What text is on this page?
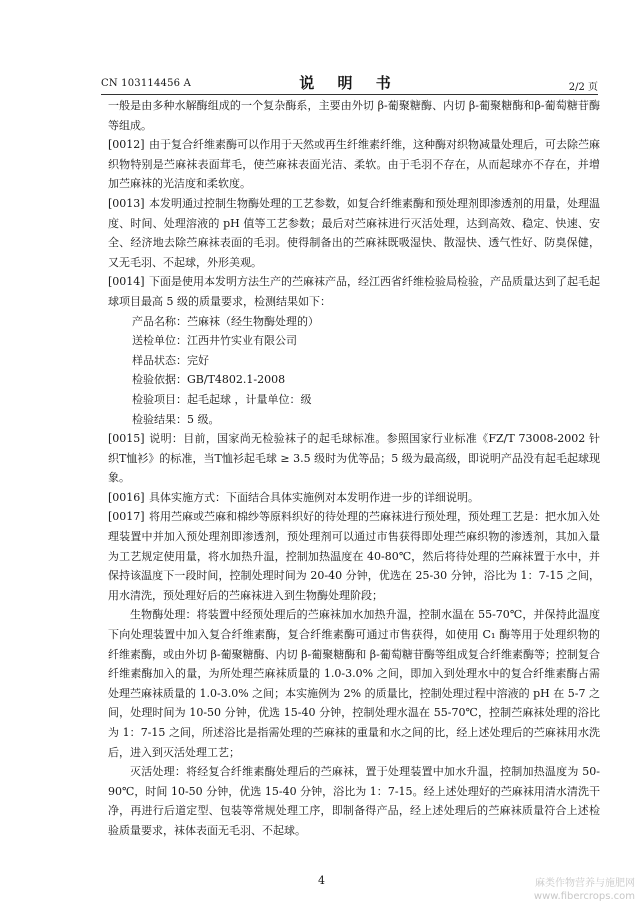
CN 103114456 A	说 明 书	2/2 页

一般是由多种水解酶组成的一个复杂酶系，主要由外切 β-葡聚糖酶、内切 β-葡聚糖酶和β-葡萄糖苷酶等组成。

[0012] 由于复合纤维素酶可以作用于天然或再生纤维素纤维，这种酶对织物减量处理后，可去除苎麻织物特别是苎麻袜表面茸毛，使苎麻袜表面光洁、柔软。由于毛羽不存在，从而起球亦不存在，并增加苎麻袜的光洁度和柔软度。

[0013] 本发明通过控制生物酶处理的工艺参数，如复合纤维素酶和预处理剂即渗透剂的用量，处理温度、时间、处理溶液的 pH 值等工艺参数；最后对苎麻袜进行灭活处理，达到高效、稳定、快速、安全、经济地去除苎麻袜表面的毛羽。使得制备出的苎麻袜既吸湿快、散湿快、透气性好、防臭保健，又无毛羽、不起球，外形美观。

[0014] 下面是使用本发明方法生产的苎麻袜产品，经江西省纤维检验局检验，产品质量达到了起毛起球项目最高 5 级的质量要求，检测结果如下：

产品名称：苎麻袜（经生物酶处理的）

送检单位：江西井竹实业有限公司

样品状态：完好

检验依据：GB/T4802.1-2008

检验项目：起毛起球 ，计量单位：级

检验结果：5 级。

[0015] 说明：目前，国家尚无检验袜子的起毛球标准。参照国家行业标准《FZ/T 73008-2002 针织T恤衫》的标准，当T恤衫起毛球 ≥ 3.5 级时为优等品；5 级为最高级，即说明产品没有起毛起球现象。

[0016] 具体实施方式：下面结合具体实施例对本发明作进一步的详细说明。

[0017] 将用苎麻或苎麻和棉纱等原料织好的待处理的苎麻袜进行预处理，预处理工艺是：把水加入处理装置中并加入预处理剂即渗透剂，预处理剂可以通过市售获得即处理苎麻织物的渗透剂，其加入量为工艺规定使用量，将水加热升温，控制加热温度在 40-80℃，然后将待处理的苎麻袜置于水中，并保持该温度下一段时间，控制处理时间为 20-40 分钟，优选在 25-30 分钟，浴比为 1：7-15 之间，用水清洗，预处理好后的苎麻袜进入到生物酶处理阶段；

生物酶处理：将装置中经预处理后的苎麻袜加水加热升温，控制水温在 55-70℃，并保持此温度下向处理装置中加入复合纤维素酶，复合纤维素酶可通过市售获得，如使用 C₁ 酶等用于处理织物的纤维素酶，或由外切 β-葡聚糖酶、内切 β-葡聚糖酶和 β-葡萄糖苷酶等组成复合纤维素酶等；控制复合纤维素酶加入的量，为所处理苎麻袜质量的 1.0-3.0% 之间，即加入到处理水中的复合纤维素酶占需处理苎麻袜质量的 1.0-3.0% 之间；本实施例为 2% 的质量比，控制处理过程中溶液的 pH 在 5-7 之间，处理时间为 10-50 分钟，优选 15-40 分钟，控制处理水温在 55-70℃，控制苎麻袜处理的浴比为 1：7-15 之间，所述浴比是指需处理的苎麻袜的重量和水之间的比，经上述处理后的苎麻袜用水洗后，进入到灭活处理工艺；

灭活处理：将经复合纤维素酶处理后的苎麻袜，置于处理装置中加水升温，控制加热温度为 50-90℃，时间 10-50 分钟，优选 15-40 分钟，浴比为 1：7-15。经上述处理好的苎麻袜用清水清洗干净，再进行后道定型、包装等常规处理工序，即制备得产品，经上述处理后的苎麻袜质量符合上述检验质量要求，袜体表面无毛羽、不起球。

4	麻类作物营养与施肥网
www.fibercrops.com
